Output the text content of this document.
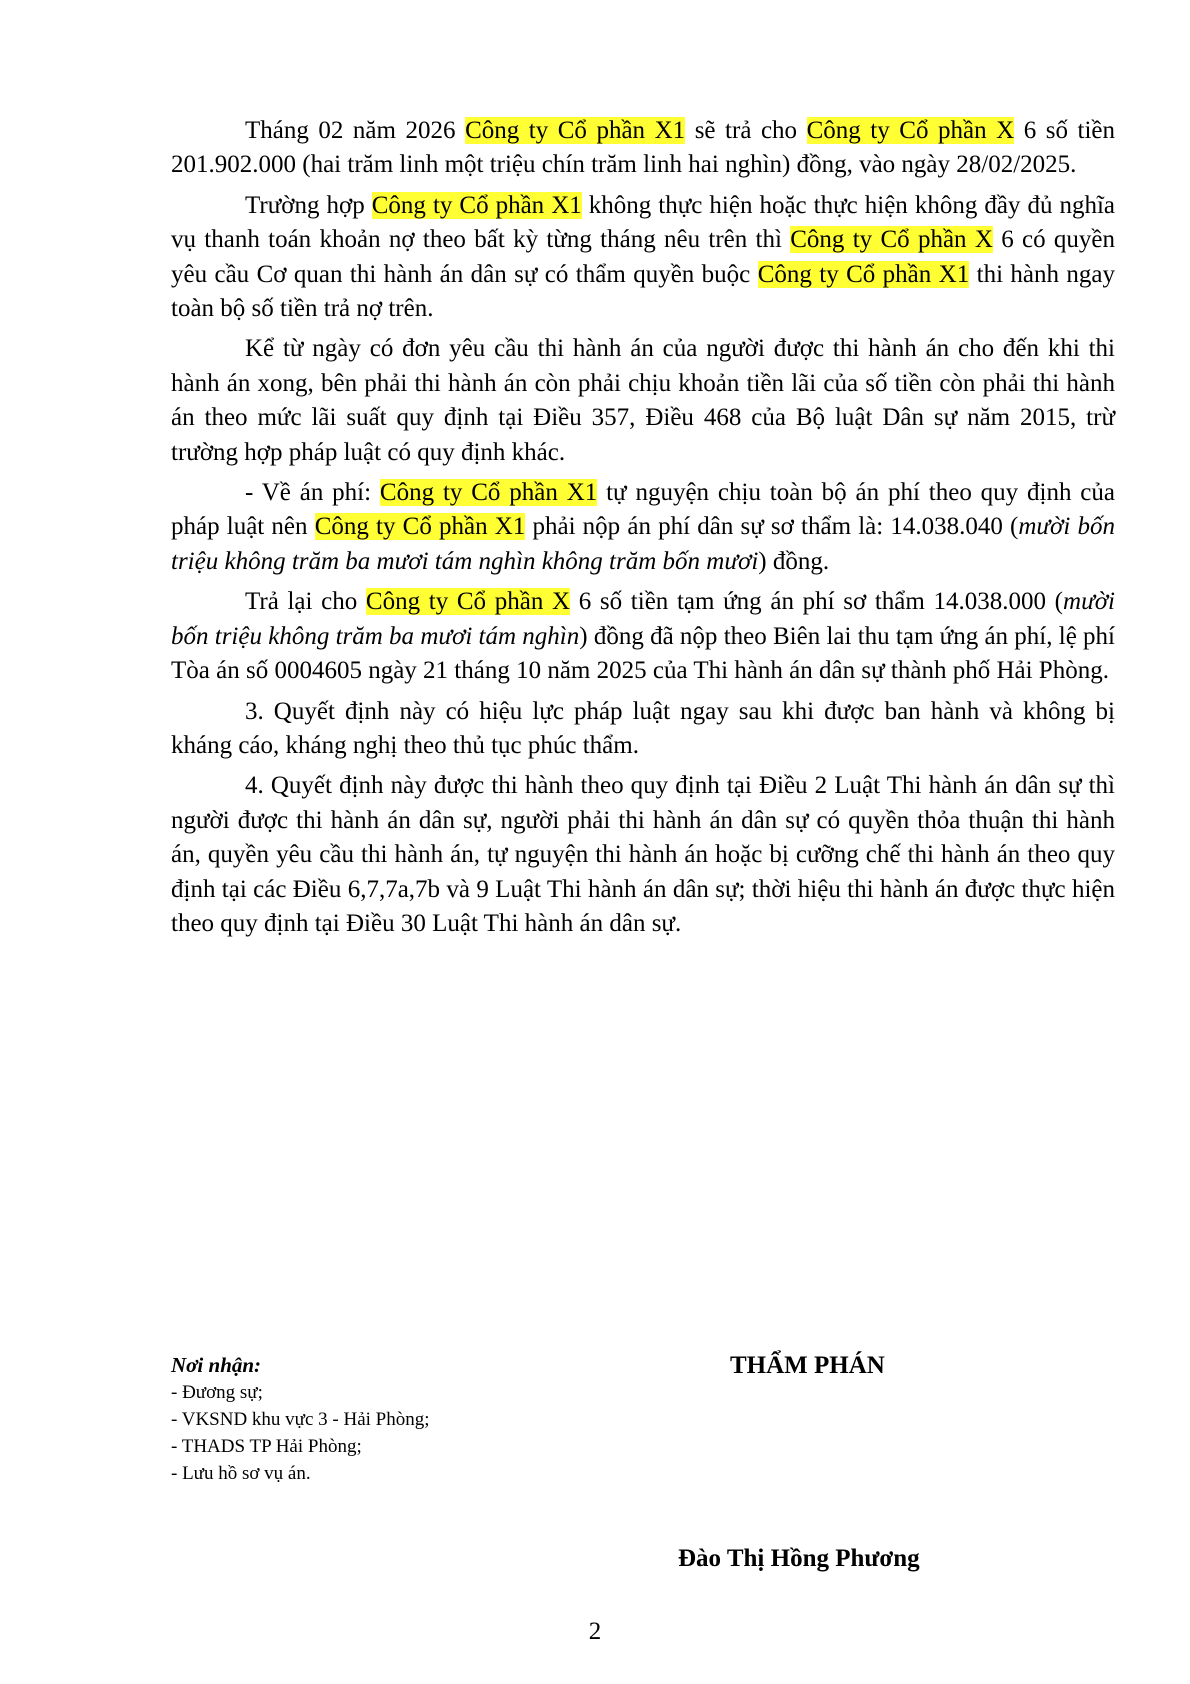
Tháng 02 năm 2026 Công ty Cổ phần X1 sẽ trả cho Công ty Cổ phần X 6 số tiền 201.902.000 (hai trăm linh một triệu chín trăm linh hai nghìn) đồng, vào ngày 28/02/2025.

Trường hợp Công ty Cổ phần X1 không thực hiện hoặc thực hiện không đầy đủ nghĩa vụ thanh toán khoản nợ theo bất kỳ từng tháng nêu trên thì Công ty Cổ phần X 6 có quyền yêu cầu Cơ quan thi hành án dân sự có thẩm quyền buộc Công ty Cổ phần X1 thi hành ngay toàn bộ số tiền trả nợ trên.

Kể từ ngày có đơn yêu cầu thi hành án của người được thi hành án cho đến khi thi hành án xong, bên phải thi hành án còn phải chịu khoản tiền lãi của số tiền còn phải thi hành án theo mức lãi suất quy định tại Điều 357, Điều 468 của Bộ luật Dân sự năm 2015, trừ trường hợp pháp luật có quy định khác.

- Về án phí: Công ty Cổ phần X1 tự nguyện chịu toàn bộ án phí theo quy định của pháp luật nên Công ty Cổ phần X1 phải nộp án phí dân sự sơ thẩm là: 14.038.040 (mười bốn triệu không trăm ba mươi tám nghìn không trăm bốn mươi) đồng.

Trả lại cho Công ty Cổ phần X 6 số tiền tạm ứng án phí sơ thẩm 14.038.000 (mười bốn triệu không trăm ba mươi tám nghìn) đồng đã nộp theo Biên lai thu tạm ứng án phí, lệ phí Tòa án số 0004605 ngày 21 tháng 10 năm 2025 của Thi hành án dân sự thành phố Hải Phòng.

3. Quyết định này có hiệu lực pháp luật ngay sau khi được ban hành và không bị kháng cáo, kháng nghị theo thủ tục phúc thẩm.

4. Quyết định này được thi hành theo quy định tại Điều 2 Luật Thi hành án dân sự thì người được thi hành án dân sự, người phải thi hành án dân sự có quyền thỏa thuận thi hành án, quyền yêu cầu thi hành án, tự nguyện thi hành án hoặc bị cưỡng chế thi hành án theo quy định tại các Điều 6,7,7a,7b và 9 Luật Thi hành án dân sự; thời hiệu thi hành án được thực hiện theo quy định tại Điều 30 Luật Thi hành án dân sự.

Nơi nhận:
- Đương sự;
- VKSND khu vực 3 - Hải Phòng;
- THADS TP Hải Phòng;
- Lưu hồ sơ vụ án.
THẨM PHÁN
Đào Thị Hồng Phương
2
